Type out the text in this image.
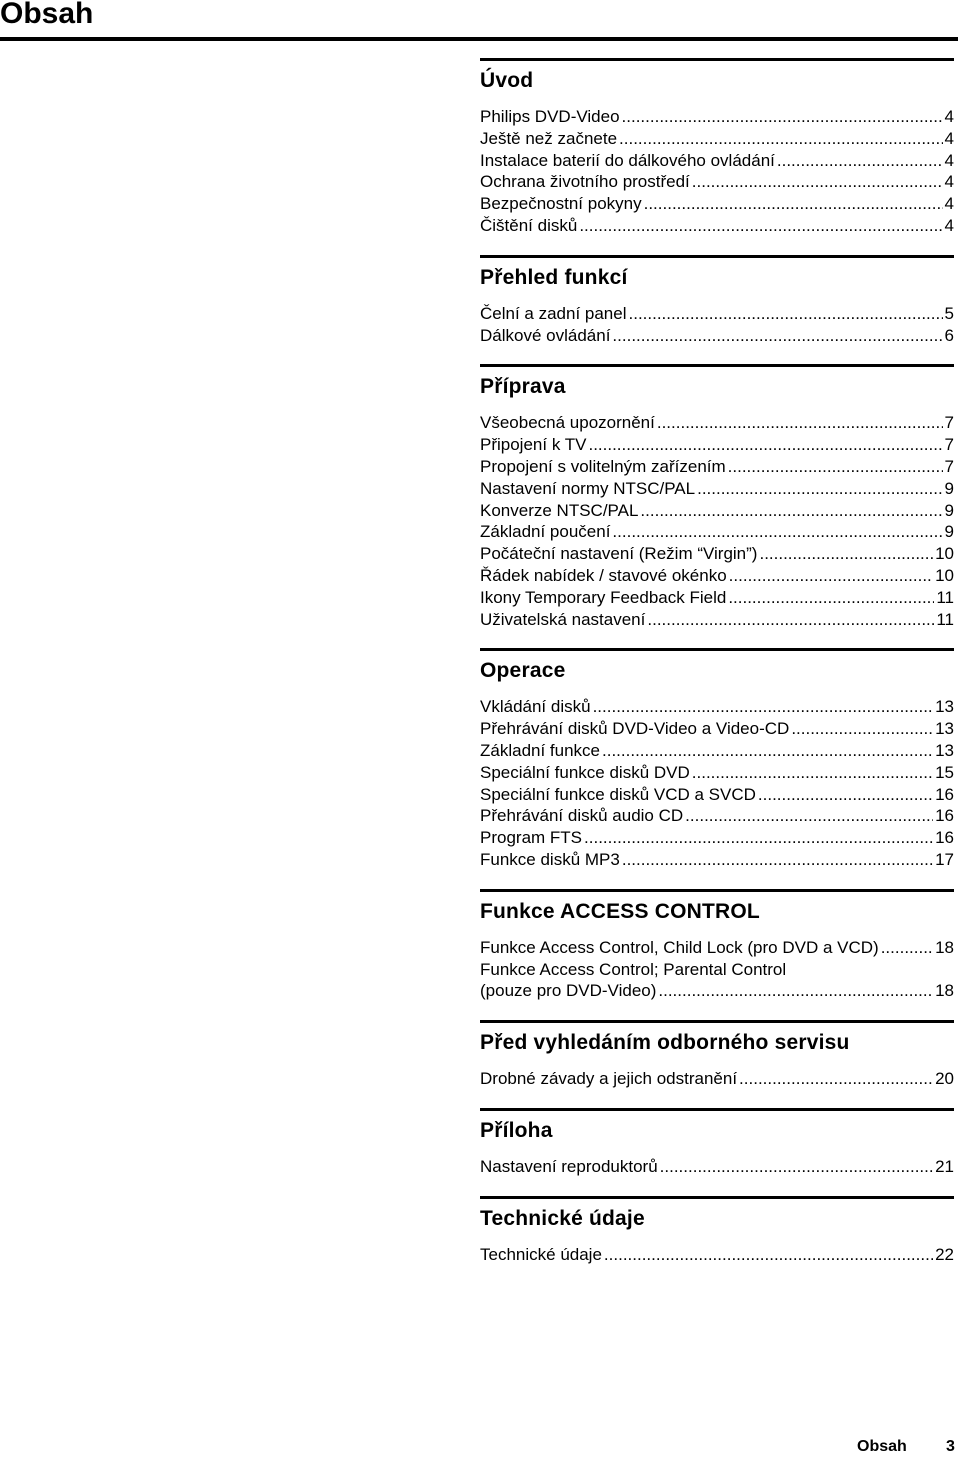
Obsah
Úvod
Philips DVD-Video .....	4
Ještě než začnete .....	4
Instalace baterií do dálkového ovládání .....	4
Ochrana životního prostředí .....	4
Bezpečnostní pokyny .....	4
Čištění disků .....	4
Přehled funkcí
Čelní a zadní panel .....	5
Dálkové ovládání .....	6
Příprava
Všeobecná upozornění .....	7
Připojení k TV .....	7
Propojení s volitelným zařízením .....	7
Nastavení normy NTSC/PAL .....	9
Konverze NTSC/PAL .....	9
Základní poučení .....	9
Počáteční nastavení (Režim “Virgin”) .....	10
Řádek nabídek / stavové okénko .....	10
Ikony Temporary Feedback Field .....	11
Uživatelská nastavení .....	11
Operace
Vkládání disků .....	13
Přehrávání disků DVD-Video a Video-CD .....	13
Základní funkce .....	13
Speciální funkce disků DVD .....	15
Speciální funkce disků VCD a SVCD .....	16
Přehrávání disků audio CD .....	16
Program FTS .....	16
Funkce disků MP3 .....	17
Funkce ACCESS CONTROL
Funkce Access Control, Child Lock (pro DVD a VCD) .....	18
Funkce Access Control; Parental Control
(pouze pro DVD-Video) .....	18
Před vyhledáním odborného servisu
Drobné závady a jejich odstranění .....	20
Příloha
Nastavení reproduktorů .....	21
Technické údaje
Technické údaje .....	22
Obsah 3
